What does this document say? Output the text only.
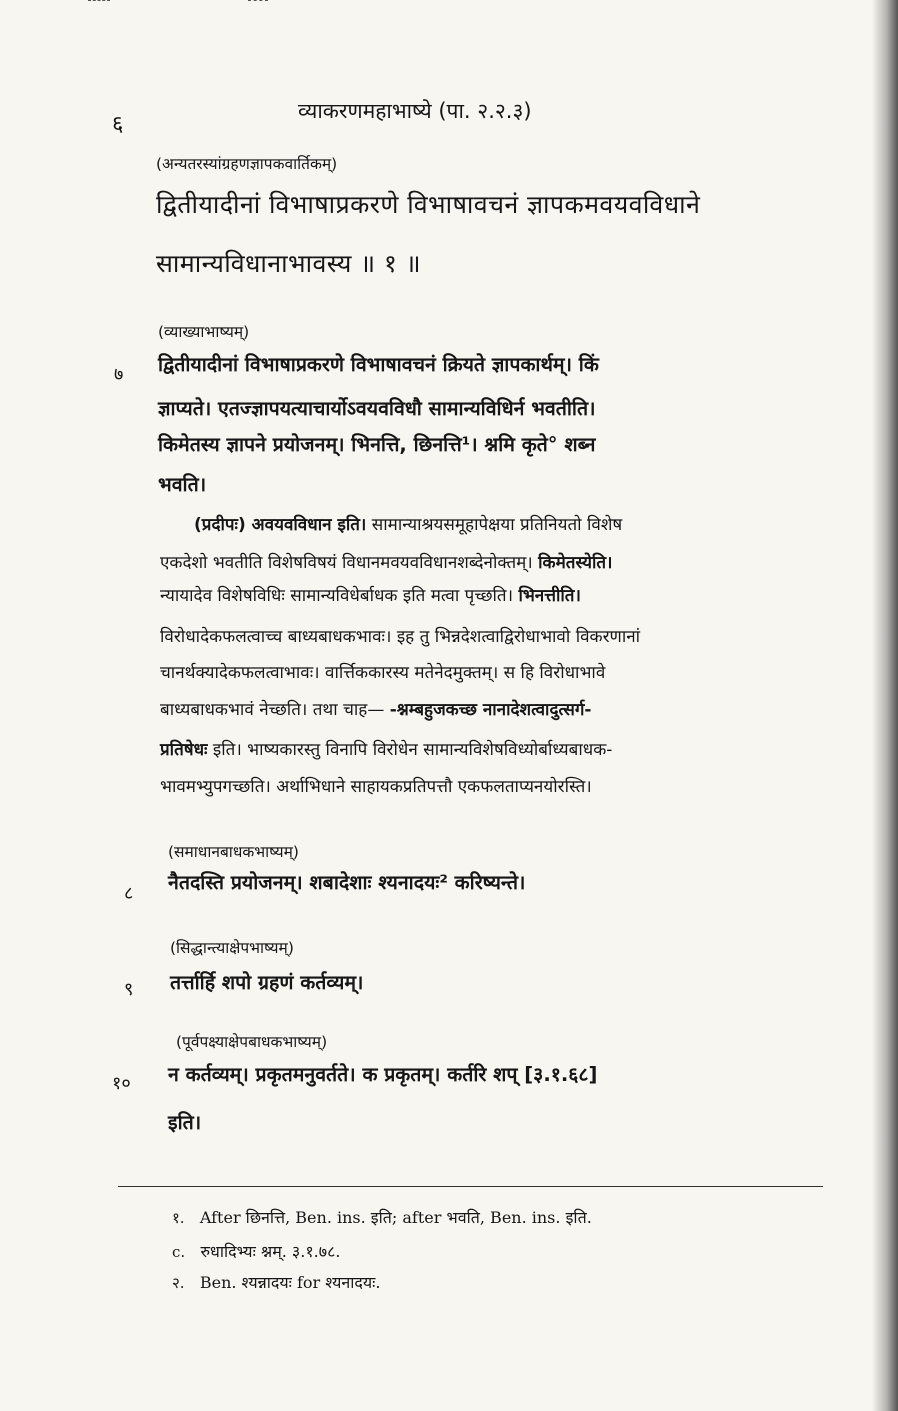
६
व्याकरणमहाभाष्ये (पा. २.२.३)
(अन्यतरस्यांग्रहणज्ञापकवार्तिकम्)
द्वितीयादीनां विभाषाप्रकरणे विभाषावचनं ज्ञापकमवयवविधाने
सामान्यविधानाभावस्य ॥ १ ॥
(व्याख्याभाष्यम्)
७ द्वितीयादीनां विभाषाप्रकरणे विभाषावचनं क्रियते ज्ञापकार्थम्। किं
ज्ञाप्यते। एतज्ज्ञापयत्याचार्योऽवयवविधौ सामान्यविधिर्न भवतीति।
किमेतस्य ज्ञापने प्रयोजनम्। भिनत्ति, छिनत्ति¹। श्नमि कृते° शब्न
भवति।
(प्रदीपः) अवयवविधान इति। सामान्याश्रयसमूहापेक्षया प्रतिनियतो विशेष
एकदेशो भवतीति विशेषविषयं विधानमवयवविधानशब्देनोक्तम्। किमेतस्येति।
न्यायादेव विशेषविधिः सामान्यविधेर्बाधक इति मत्वा पृच्छति। भिनत्तीति।
विरोधादेकफलत्वाच्च बाध्यबाधकभावः। इह तु भिन्नदेशत्वाद्विरोधाभावो विकरणानां
चानर्थक्यादेकफलत्वाभावः। वार्त्तिककारस्य मतेनेदमुक्तम्। स हि विरोधाभावे
बाध्यबाधकभावं नेच्छति। तथा चाह— -श्नम्बहुजकच्छ नानादेशत्वादुत्सर्ग-
प्रतिषेधः इति। भाष्यकारस्तु विनापि विरोधेन सामान्यविशेषविध्योर्बाध्यबाधक-
भावमभ्युपगच्छति। अर्थाभिधाने साहायकप्रतिपत्तौ एकफलताप्यनयोरस्ति।
(समाधानबाधकभाष्यम्)
८ नैतदस्ति प्रयोजनम्। शबादेशाः श्यनादयः² करिष्यन्ते।
(सिद्धान्त्याक्षेपभाष्यम्)
९ तर्त्तार्हि शपो ग्रहणं कर्तव्यम्।
(पूर्वपक्ष्याक्षेपबाधकभाष्यम्)
१० न कर्तव्यम्। प्रकृतमनुवर्तते। क प्रकृतम्। कर्तरि शप् [३.१.६८]
इति।
१. After छिनत्ति, Ben. ins. इति; after भवति, Ben. ins. इति.
c. रुधादिभ्यः श्नम्. ३.१.७८.
२. Ben. श्यन्नादयः for श्यनादयः.
